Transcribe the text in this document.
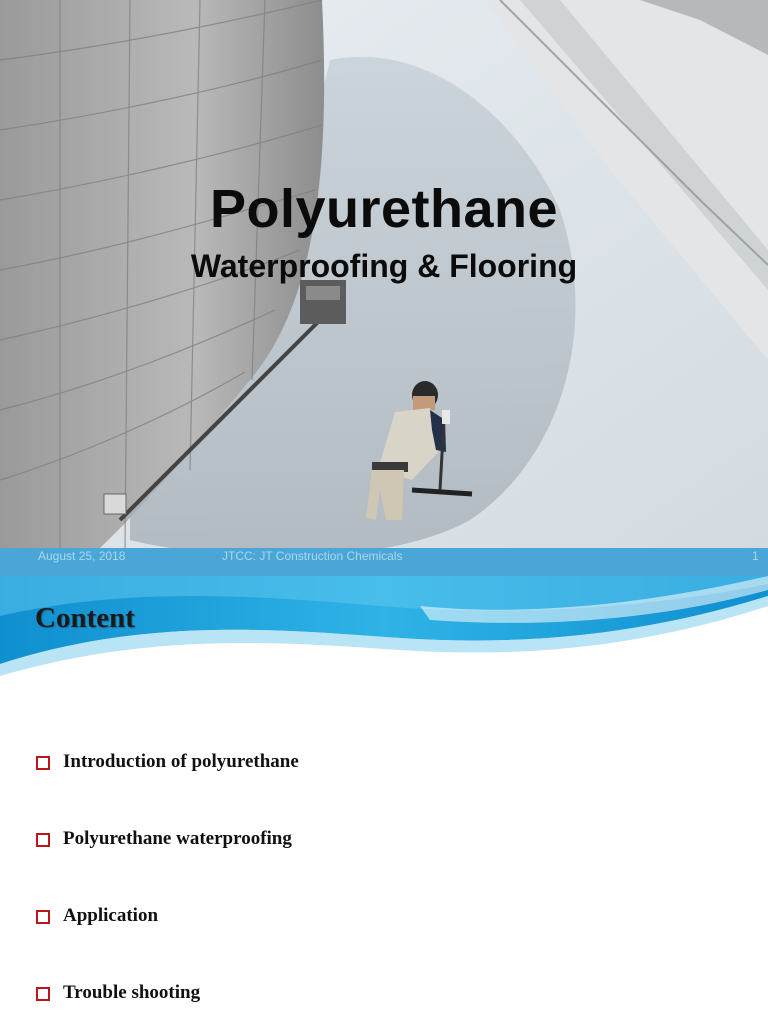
Polyurethane
Waterproofing & Flooring
August 25, 2018	JTCC: JT Construction Chemicals	1
Content
Introduction of polyurethane
Polyurethane waterproofing
Application
Trouble shooting
